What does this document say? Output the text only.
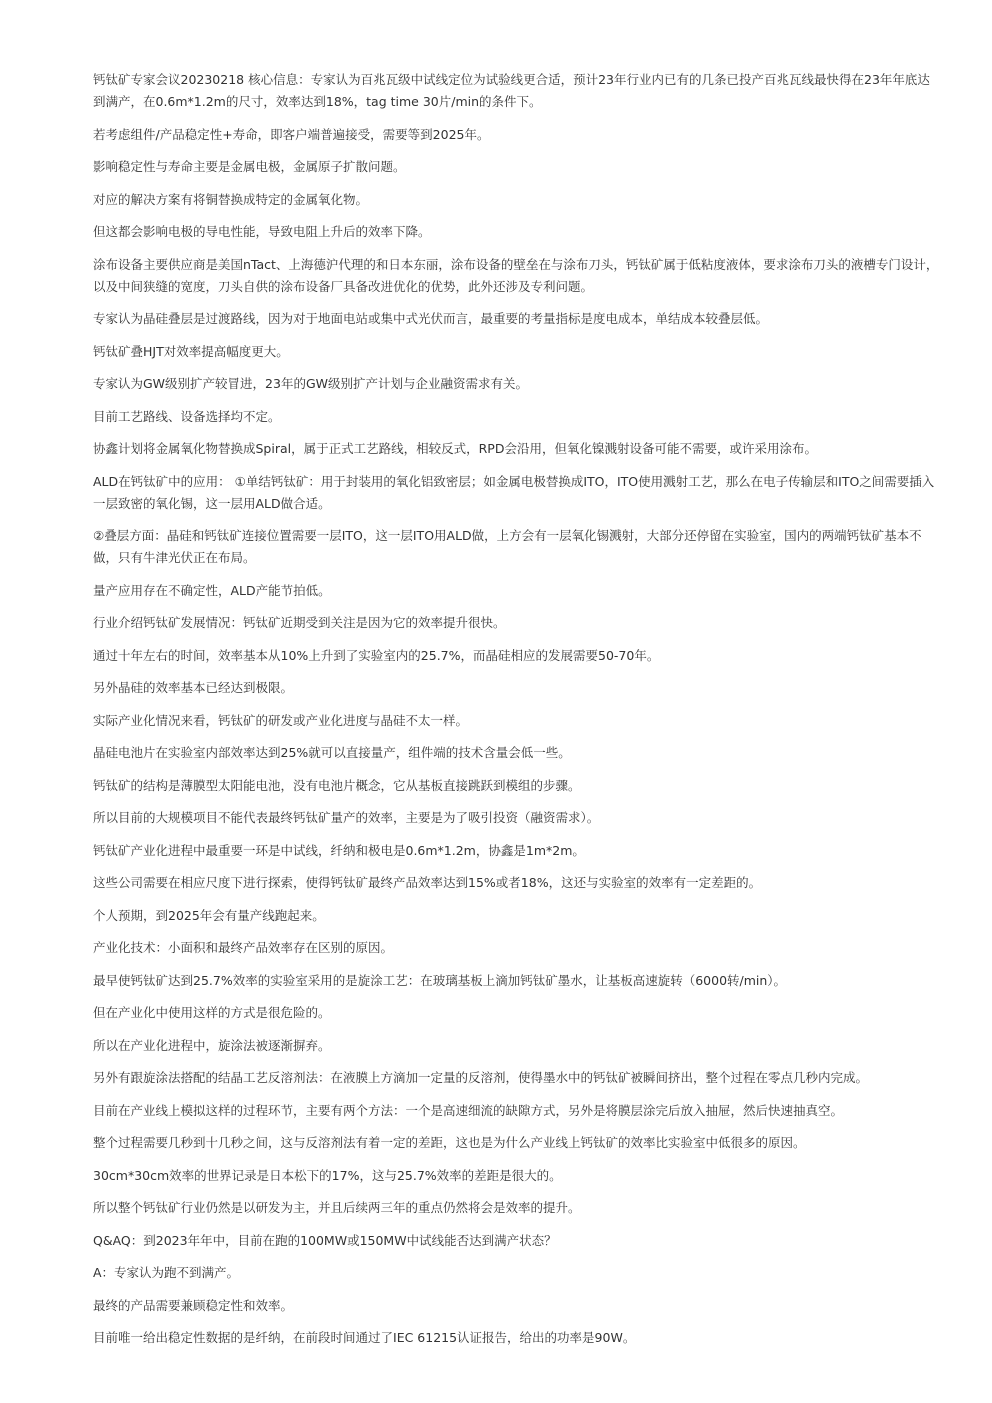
钙钛矿专家会议20230218 核心信息：专家认为百兆瓦级中试线定位为试验线更合适，预计23年行业内已有的几条已投产百兆瓦线最快得在23年年底达到满产，在0.6m*1.2m的尺寸，效率达到18%，tag time 30片/min的条件下。

若考虑组件/产品稳定性+寿命，即客户端普遍接受，需要等到2025年。

影响稳定性与寿命主要是金属电极，金属原子扩散问题。

对应的解决方案有将铜替换成特定的金属氧化物。

但这都会影响电极的导电性能，导致电阻上升后的效率下降。

涂布设备主要供应商是美国nTact、上海德沪代理的和日本东丽，涂布设备的壁垒在与涂布刀头，钙钛矿属于低粘度液体，要求涂布刀头的液槽专门设计，以及中间狭缝的宽度，刀头自供的涂布设备厂具备改进优化的优势，此外还涉及专利问题。

专家认为晶硅叠层是过渡路线，因为对于地面电站或集中式光伏而言，最重要的考量指标是度电成本，单结成本较叠层低。

钙钛矿叠HJT对效率提高幅度更大。

专家认为GW级别扩产较冒进，23年的GW级别扩产计划与企业融资需求有关。

目前工艺路线、设备选择均不定。

协鑫计划将金属氧化物替换成Spiral，属于正式工艺路线，相较反式，RPD会沿用，但氧化镍溅射设备可能不需要，或许采用涂布。

ALD在钙钛矿中的应用： ①单结钙钛矿：用于封装用的氧化铝致密层；如金属电极替换成ITO，ITO使用溅射工艺，那么在电子传输层和ITO之间需要插入一层致密的氧化锡，这一层用ALD做合适。

②叠层方面：晶硅和钙钛矿连接位置需要一层ITO，这一层ITO用ALD做，上方会有一层氧化锡溅射，大部分还停留在实验室，国内的两端钙钛矿基本不做，只有牛津光伏正在布局。

量产应用存在不确定性，ALD产能节拍低。

行业介绍钙钛矿发展情况：钙钛矿近期受到关注是因为它的效率提升很快。

通过十年左右的时间，效率基本从10%上升到了实验室内的25.7%，而晶硅相应的发展需要50-70年。

另外晶硅的效率基本已经达到极限。

实际产业化情况来看，钙钛矿的研发或产业化进度与晶硅不太一样。

晶硅电池片在实验室内部效率达到25%就可以直接量产，组件端的技术含量会低一些。

钙钛矿的结构是薄膜型太阳能电池，没有电池片概念，它从基板直接跳跃到模组的步骤。

所以目前的大规模项目不能代表最终钙钛矿量产的效率，主要是为了吸引投资（融资需求）。

钙钛矿产业化进程中最重要一环是中试线，纤纳和极电是0.6m*1.2m，协鑫是1m*2m。

这些公司需要在相应尺度下进行探索，使得钙钛矿最终产品效率达到15%或者18%，这还与实验室的效率有一定差距的。

个人预期，到2025年会有量产线跑起来。

产业化技术：小面积和最终产品效率存在区别的原因。

最早使钙钛矿达到25.7%效率的实验室采用的是旋涂工艺：在玻璃基板上滴加钙钛矿墨水，让基板高速旋转（6000转/min）。

但在产业化中使用这样的方式是很危险的。

所以在产业化进程中，旋涂法被逐渐摒弃。

另外有跟旋涂法搭配的结晶工艺反溶剂法：在液膜上方滴加一定量的反溶剂，使得墨水中的钙钛矿被瞬间挤出，整个过程在零点几秒内完成。

目前在产业线上模拟这样的过程环节，主要有两个方法：一个是高速细流的缺隙方式，另外是将膜层涂完后放入抽屉，然后快速抽真空。

整个过程需要几秒到十几秒之间，这与反溶剂法有着一定的差距，这也是为什么产业线上钙钛矿的效率比实验室中低很多的原因。

30cm*30cm效率的世界记录是日本松下的17%，这与25.7%效率的差距是很大的。

所以整个钙钛矿行业仍然是以研发为主，并且后续两三年的重点仍然将会是效率的提升。

Q&AQ：到2023年年中，目前在跑的100MW或150MW中试线能否达到满产状态？

A：专家认为跑不到满产。

最终的产品需要兼顾稳定性和效率。

目前唯一给出稳定性数据的是纤纳，在前段时间通过了IEC 61215认证报告，给出的功率是90W。
